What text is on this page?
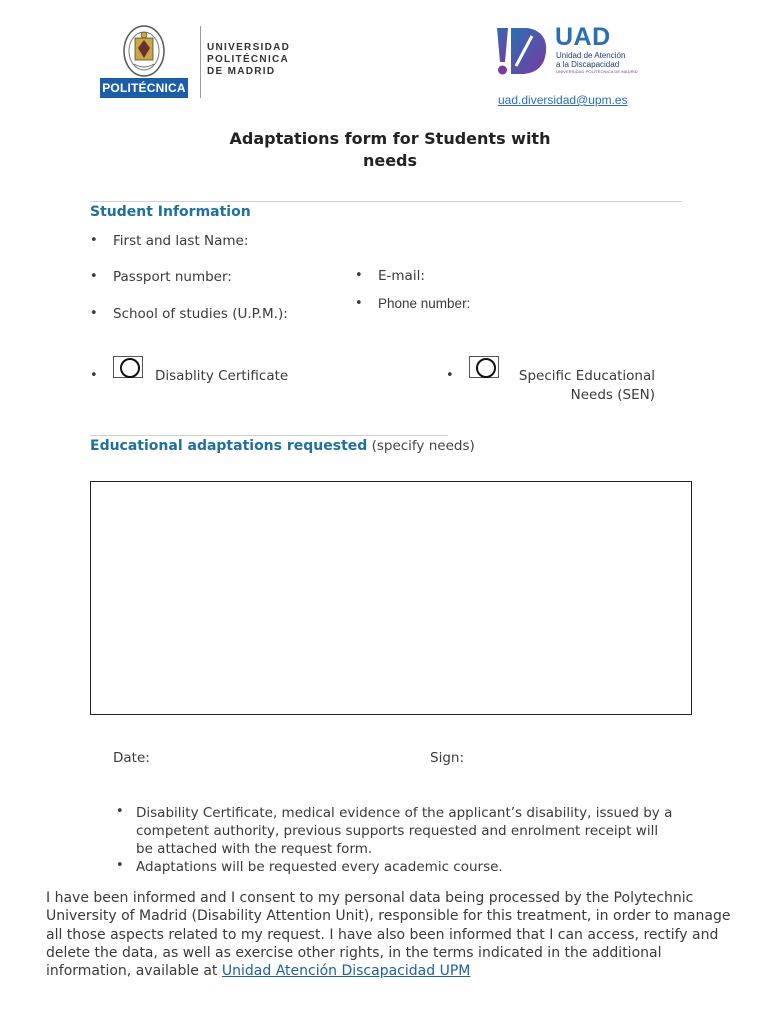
POLITÉCNICA
UNIVERSIDAD
POLITÉCNICA
DE MADRID
UAD
Unidad de Atención
a la Discapacidad
UNIVERSIDAD POLITÉCNICA DE MADRID
uad.diversidad@upm.es
Adaptations form for Students with
needs
Student Information
• First and last Name:
• Passport number:	• E-mail:
• School of studies (U.P.M.):
• Phone number:
•	Disablity Certificate	•	Specific Educational
Needs (SEN)
Educational adaptations requested (specify needs)
Date:	Sign:
• Disability Certificate, medical evidence of the applicant’s disability, issued by a competent authority, previous supports requested and enrolment receipt will be attached with the request form.
• Adaptations will be requested every academic course.
I have been informed and I consent to my personal data being processed by the Polytechnic University of Madrid (Disability Attention Unit), responsible for this treatment, in order to manage all those aspects related to my request. I have also been informed that I can access, rectify and delete the data, as well as exercise other rights, in the terms indicated in the additional information, available at Unidad Atención Discapacidad UPM
